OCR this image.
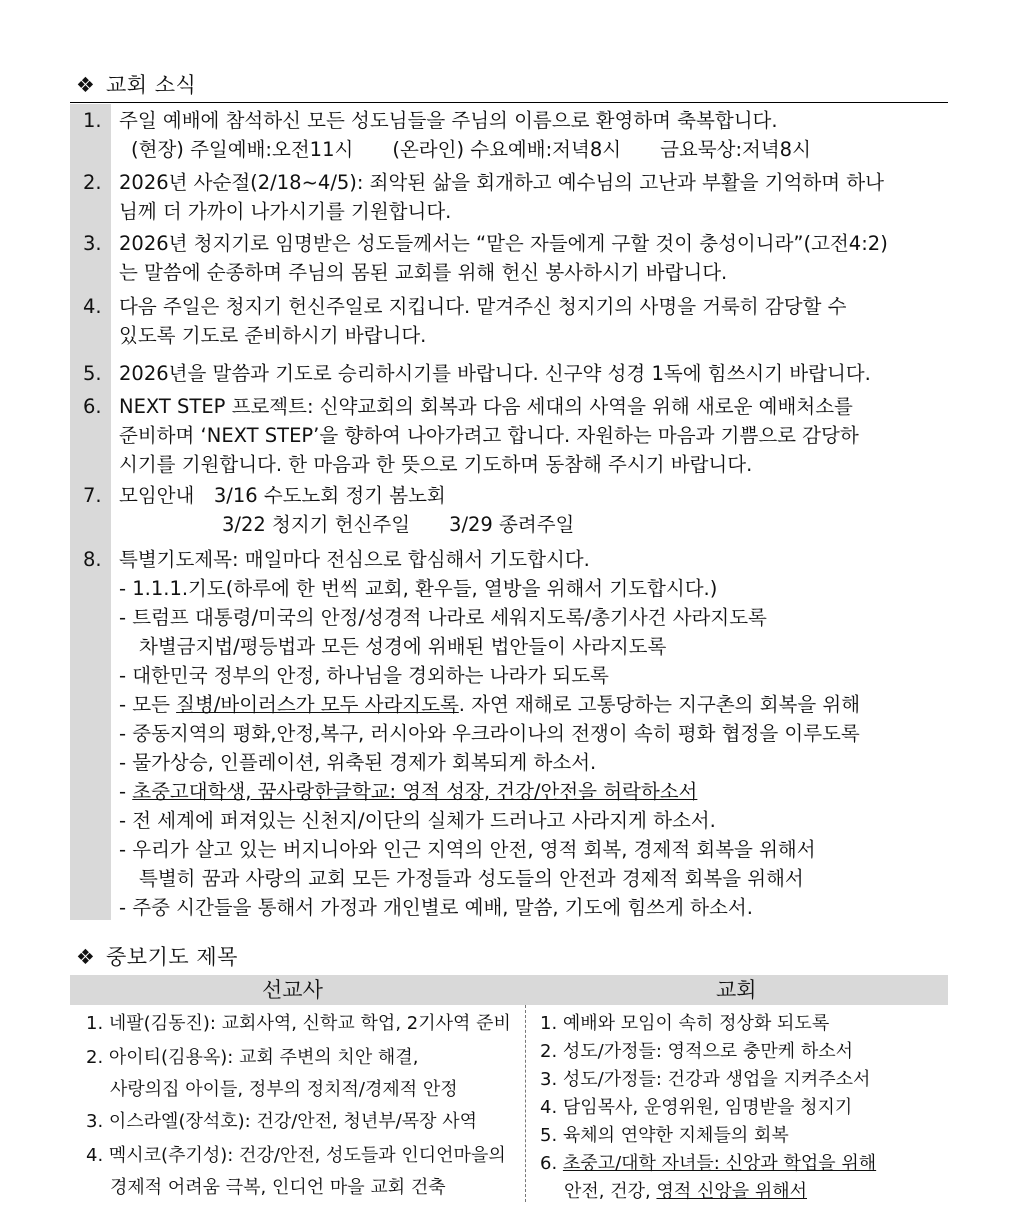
❖ 교회 소식
1. 주일 예배에 참석하신 모든 성도님들을 주님의 이름으로 환영하며 축복합니다.
(현장) 주일예배:오전11시　　(온라인) 수요예배:저녁8시　　금요묵상:저녁8시
2. 2026년 사순절(2/18~4/5): 죄악된 삶을 회개하고 예수님의 고난과 부활을 기억하며 하나
님께 더 가까이 나가시기를 기원합니다.
3. 2026년 청지기로 임명받은 성도들께서는 “맡은 자들에게 구할 것이 충성이니라”(고전4:2)
는 말씀에 순종하며 주님의 몸된 교회를 위해 헌신 봉사하시기 바랍니다.
4. 다음 주일은 청지기 헌신주일로 지킵니다. 맡겨주신 청지기의 사명을 거룩히 감당할 수
있도록 기도로 준비하시기 바랍니다.
5. 2026년을 말씀과 기도로 승리하시기를 바랍니다. 신구약 성경 1독에 힘쓰시기 바랍니다.
6. NEXT STEP 프로젝트: 신약교회의 회복과 다음 세대의 사역을 위해 새로운 예배처소를
준비하며 ‘NEXT STEP’을 향하여 나아가려고 합니다. 자원하는 마음과 기쁨으로 감당하
시기를 기원합니다. 한 마음과 한 뜻으로 기도하며 동참해 주시기 바랍니다.
7. 모임안내　3/16 수도노회 정기 봄노회
3/22 청지기 헌신주일　　3/29 종려주일
8. 특별기도제목: 매일마다 전심으로 합심해서 기도합시다.
- 1.1.1.기도(하루에 한 번씩 교회, 환우들, 열방을 위해서 기도합시다.)
- 트럼프 대통령/미국의 안정/성경적 나라로 세워지도록/총기사건 사라지도록
차별금지법/평등법과 모든 성경에 위배된 법안들이 사라지도록
- 대한민국 정부의 안정, 하나님을 경외하는 나라가 되도록
- 모든 질병/바이러스가 모두 사라지도록. 자연 재해로 고통당하는 지구촌의 회복을 위해
- 중동지역의 평화,안정,복구, 러시아와 우크라이나의 전쟁이 속히 평화 협정을 이루도록
- 물가상승, 인플레이션, 위축된 경제가 회복되게 하소서.
- 초중고대학생, 꿈사랑한글학교: 영적 성장, 건강/안전을 허락하소서
- 전 세계에 퍼져있는 신천지/이단의 실체가 드러나고 사라지게 하소서.
- 우리가 살고 있는 버지니아와 인근 지역의 안전, 영적 회복, 경제적 회복을 위해서
특별히 꿈과 사랑의 교회 모든 가정들과 성도들의 안전과 경제적 회복을 위해서
- 주중 시간들을 통해서 가정과 개인별로 예배, 말씀, 기도에 힘쓰게 하소서.
❖ 중보기도 제목
선교사	교회
1. 네팔(김동진): 교회사역, 신학교 학업, 2기사역 준비
2. 아이티(김용옥): 교회 주변의 치안 해결,
사랑의집 아이들, 정부의 정치적/경제적 안정
3. 이스라엘(장석호): 건강/안전, 청년부/목장 사역
4. 멕시코(추기성): 건강/안전, 성도들과 인디언마을의
경제적 어려움 극복, 인디언 마을 교회 건축
1. 예배와 모임이 속히 정상화 되도록
2. 성도/가정들: 영적으로 충만케 하소서
3. 성도/가정들: 건강과 생업을 지켜주소서
4. 담임목사, 운영위원, 임명받을 청지기
5. 육체의 연약한 지체들의 회복
6. 초중고/대학 자녀들: 신앙과 학업을 위해
안전, 건강, 영적 신앙을 위해서
